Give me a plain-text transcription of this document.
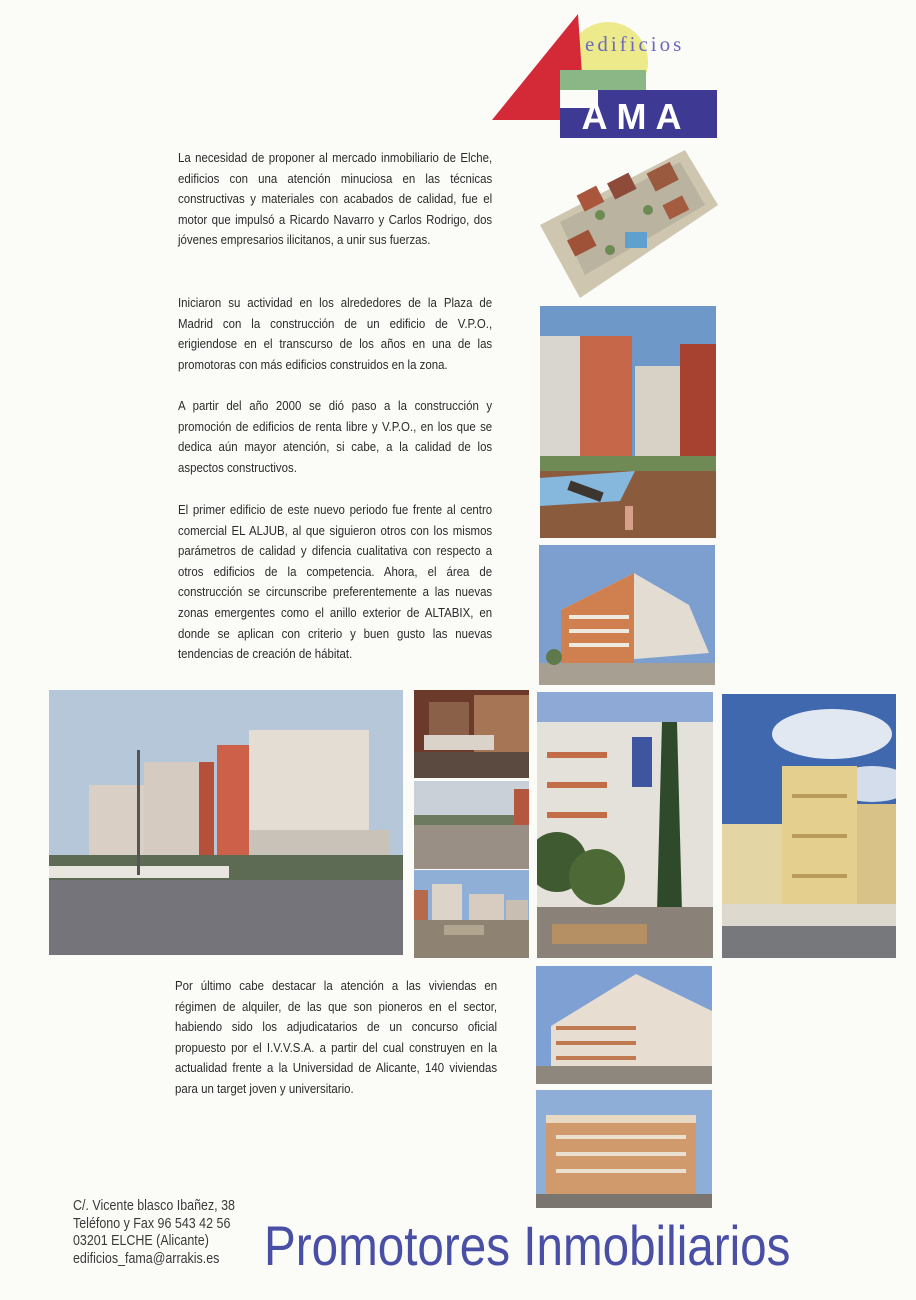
edificios
AMA

La necesidad de proponer al mercado inmobiliario de Elche, edificios con una atención minuciosa en las técnicas constructivas y materiales con acabados de calidad, fue el motor que impulsó a Ricardo Navarro y Carlos Rodrigo, dos jóvenes empresarios ilicitanos, a unir sus fuerzas.

Iniciaron su actividad en los alrededores de la Plaza de Madrid con la construcción de un edificio de V.P.O., erigiendose en el transcurso de los años en una de las promotoras con más edificios construidos en la zona.

A partir del año 2000 se dió paso a la construcción y promoción de edificios de renta libre y V.P.O., en los que se dedica aún mayor atención, si cabe, a la calidad de los aspectos constructivos.

El primer edificio de este nuevo periodo fue frente al centro comercial EL ALJUB, al que siguieron otros con los mismos parámetros de calidad y difencia cualitativa con respecto a otros edificios de la competencia. Ahora, el área de construcción se circunscribe preferentemente a las nuevas zonas emergentes como el anillo exterior de ALTABIX, en donde se aplican con criterio y buen gusto las nuevas tendencias de creación de hábitat.

Por último cabe destacar la atención a las viviendas en régimen de alquiler, de las que son pioneros en el sector, habiendo sido los adjudicatarios de un concurso oficial propuesto por el I.V.V.S.A. a partir del cual construyen en la actualidad frente a la Universidad de Alicante, 140 viviendas para un target joven y universitario.

C/. Vicente blasco Ibañez, 38
Teléfono y Fax 96 543 42 56
03201 ELCHE (Alicante)
edificios_fama@arrakis.es Promotores Inmobiliarios
